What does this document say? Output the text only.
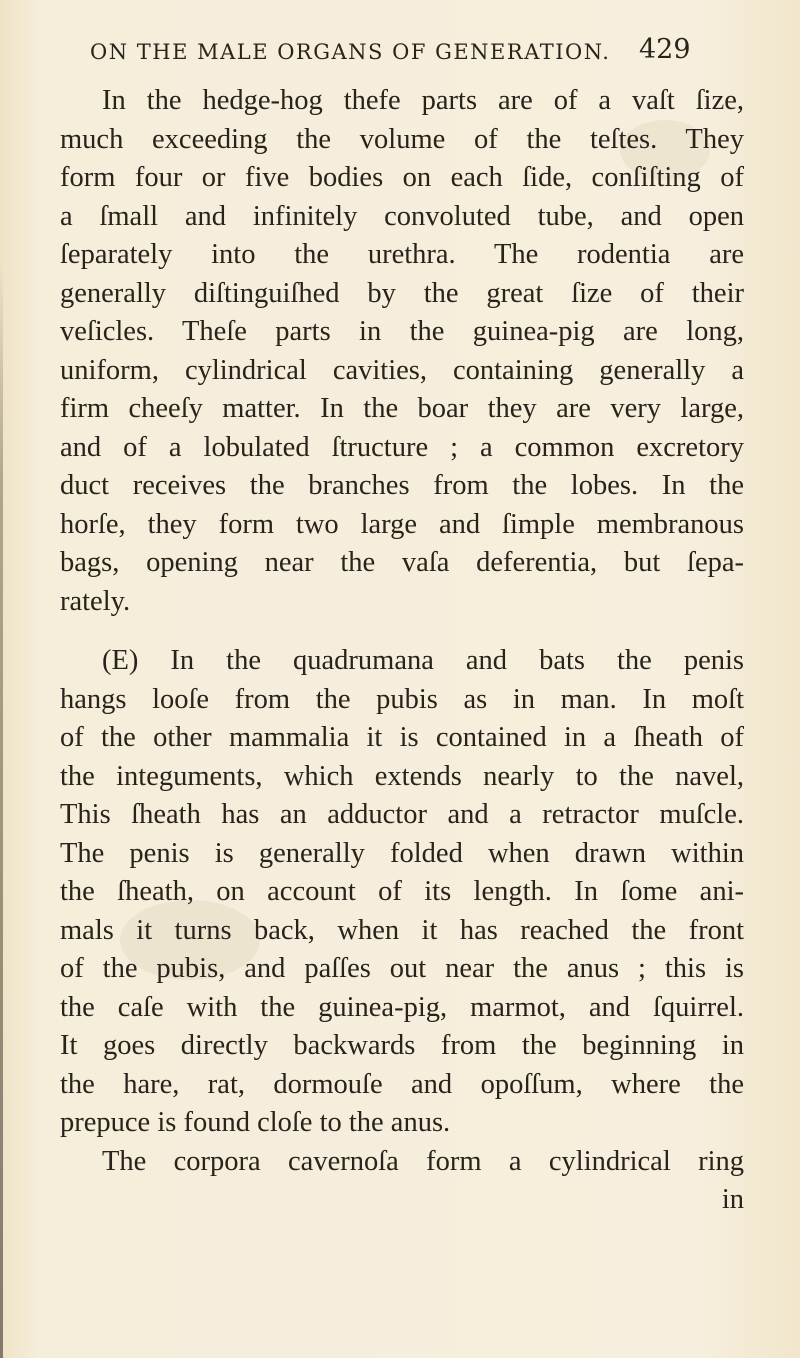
ON THE MALE ORGANS OF GENERATION. 429
In the hedge-hog thefe parts are of a vaſt ſize,
much exceeding the volume of the teſtes. They
form four or five bodies on each ſide, conſiſting of
a ſmall and infinitely convoluted tube, and open
ſeparately into the urethra. The rodentia are
generally diſtinguiſhed by the great ſize of their
veſicles. Theſe parts in the guinea-pig are long,
uniform, cylindrical cavities, containing generally a
firm cheeſy matter. In the boar they are very large,
and of a lobulated ſtructure ; a common excretory
duct receives the branches from the lobes. In the
horſe, they form two large and ſimple membranous
bags, opening near the vaſa deferentia, but ſepa-
rately.
(E) In the quadrumana and bats the penis
hangs looſe from the pubis as in man. In moſt
of the other mammalia it is contained in a ſheath of
the integuments, which extends nearly to the navel,
This ſheath has an adductor and a retractor muſcle.
The penis is generally folded when drawn within
the ſheath, on account of its length. In ſome ani-
mals it turns back, when it has reached the front
of the pubis, and paſſes out near the anus ; this is
the caſe with the guinea-pig, marmot, and ſquirrel.
It goes directly backwards from the beginning in
the hare, rat, dormouſe and opoſſum, where the
prepuce is found cloſe to the anus.
The corpora cavernoſa form a cylindrical ring
in
